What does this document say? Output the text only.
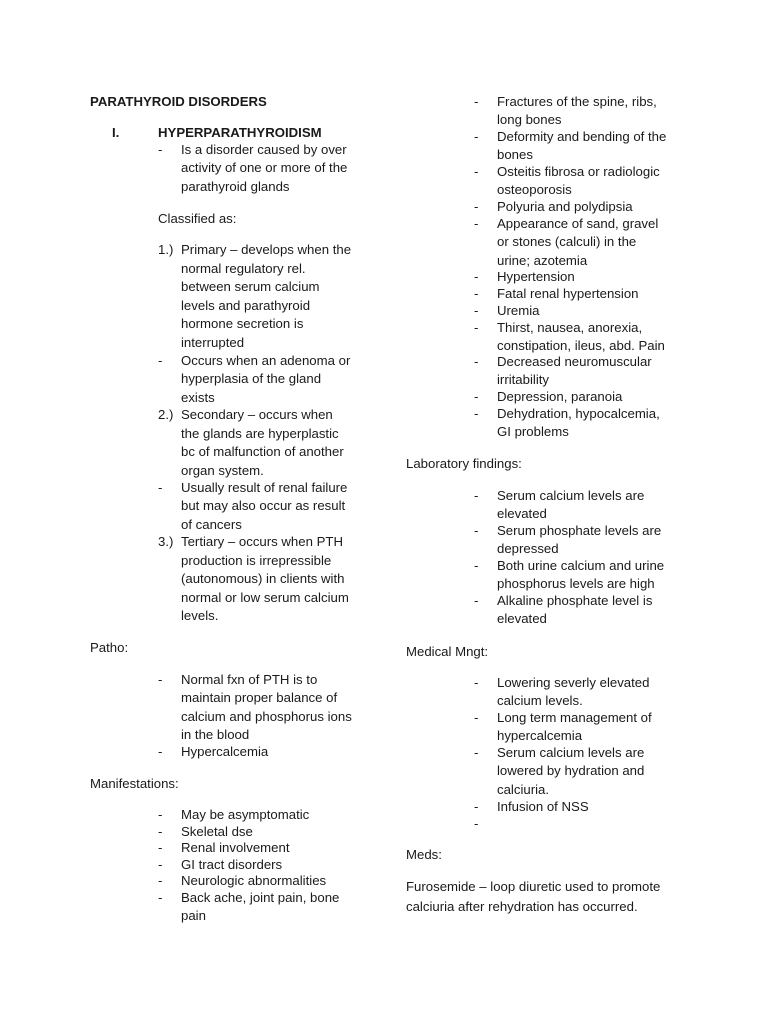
PARATHYROID DISORDERS
I.	HYPERPARATHYROIDISM
- Is a disorder caused by over
activity of one or more of the
parathyroid glands
Classified as:
1.) Primary – develops when the
normal regulatory rel.
between serum calcium
levels and parathyroid
hormone secretion is
interrupted
- Occurs when an adenoma or
hyperplasia of the gland
exists
2.) Secondary – occurs when
the glands are hyperplastic
bc of malfunction of another
organ system.
- Usually result of renal failure
but may also occur as result
of cancers
3.) Tertiary – occurs when PTH
production is irrepressible
(autonomous) in clients with
normal or low serum calcium
levels.
Patho:
- Normal fxn of PTH is to
maintain proper balance of
calcium and phosphorus ions
in the blood
- Hypercalcemia
Manifestations:
- May be asymptomatic
- Skeletal dse
- Renal involvement
- GI tract disorders
- Neurologic abnormalities
- Back ache, joint pain, bone
pain
- Fractures of the spine, ribs,
long bones
- Deformity and bending of the
bones
- Osteitis fibrosa or radiologic
osteoporosis
- Polyuria and polydipsia
- Appearance of sand, gravel
or stones (calculi) in the
urine; azotemia
- Hypertension
- Fatal renal hypertension
- Uremia
- Thirst, nausea, anorexia,
constipation, ileus, abd. Pain
- Decreased neuromuscular
irritability
- Depression, paranoia
- Dehydration, hypocalcemia,
GI problems
Laboratory findings:
- Serum calcium levels are
elevated
- Serum phosphate levels are
depressed
- Both urine calcium and urine
phosphorus levels are high
- Alkaline phosphate level is
elevated
Medical Mngt:
- Lowering severly elevated
calcium levels.
- Long term management of
hypercalcemia
- Serum calcium levels are
lowered by hydration and
calciuria.
- Infusion of NSS
-
Meds:
Furosemide – loop diuretic used to promote
calciuria after rehydration has occurred.
